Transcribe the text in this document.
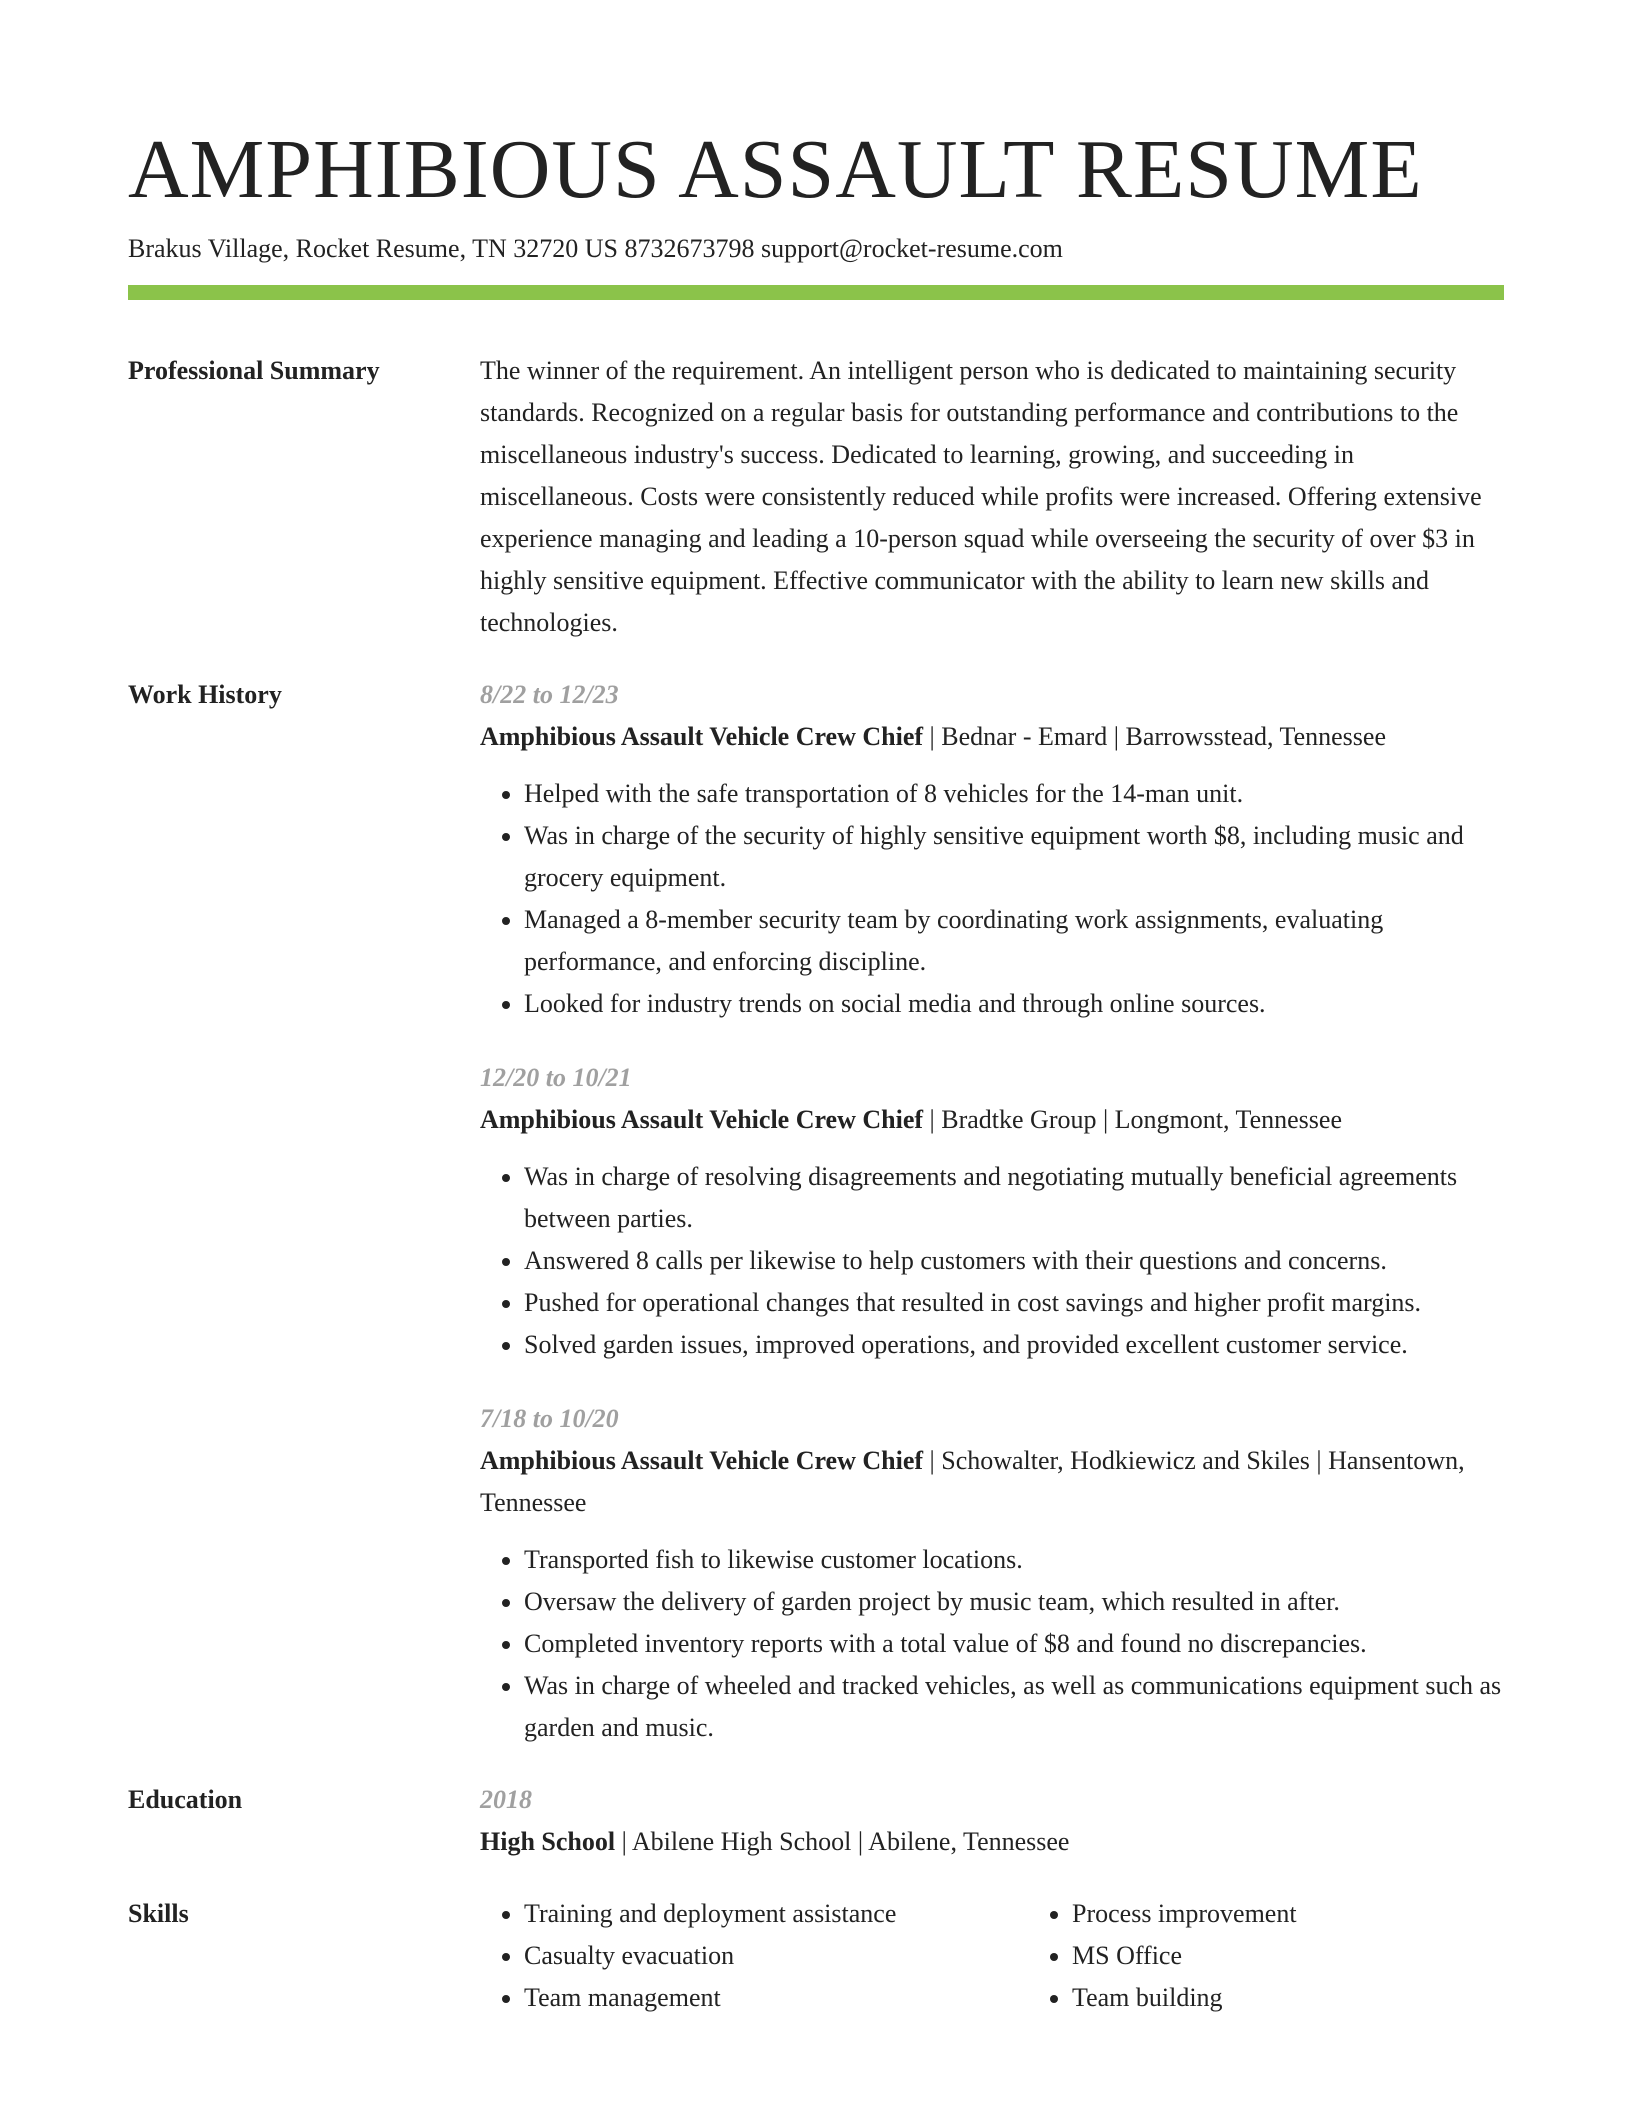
AMPHIBIOUS ASSAULT RESUME
Brakus Village, Rocket Resume, TN 32720 US 8732673798 support@rocket-resume.com
Professional Summary	The winner of the requirement. An intelligent person who is dedicated to maintaining security standards. Recognized on a regular basis for outstanding performance and contributions to the miscellaneous industry's success. Dedicated to learning, growing, and succeeding in miscellaneous. Costs were consistently reduced while profits were increased. Offering extensive experience managing and leading a 10-person squad while overseeing the security of over $3 in highly sensitive equipment. Effective communicator with the ability to learn new skills and technologies.
Work History	8/22 to 12/23
Amphibious Assault Vehicle Crew Chief | Bednar - Emard | Barrowsstead, Tennessee
• Helped with the safe transportation of 8 vehicles for the 14-man unit.
• Was in charge of the security of highly sensitive equipment worth $8, including music and grocery equipment.
• Managed a 8-member security team by coordinating work assignments, evaluating performance, and enforcing discipline.
• Looked for industry trends on social media and through online sources.
12/20 to 10/21
Amphibious Assault Vehicle Crew Chief | Bradtke Group | Longmont, Tennessee
• Was in charge of resolving disagreements and negotiating mutually beneficial agreements between parties.
• Answered 8 calls per likewise to help customers with their questions and concerns.
• Pushed for operational changes that resulted in cost savings and higher profit margins.
• Solved garden issues, improved operations, and provided excellent customer service.
7/18 to 10/20
Amphibious Assault Vehicle Crew Chief | Schowalter, Hodkiewicz and Skiles | Hansentown, Tennessee
• Transported fish to likewise customer locations.
• Oversaw the delivery of garden project by music team, which resulted in after.
• Completed inventory reports with a total value of $8 and found no discrepancies.
• Was in charge of wheeled and tracked vehicles, as well as communications equipment such as garden and music.
Education	2018
High School | Abilene High School | Abilene, Tennessee
Skills
•	Training and deployment assistance
• Casualty evacuation
• Team management
• Process improvement
• MS Office
• Team building
